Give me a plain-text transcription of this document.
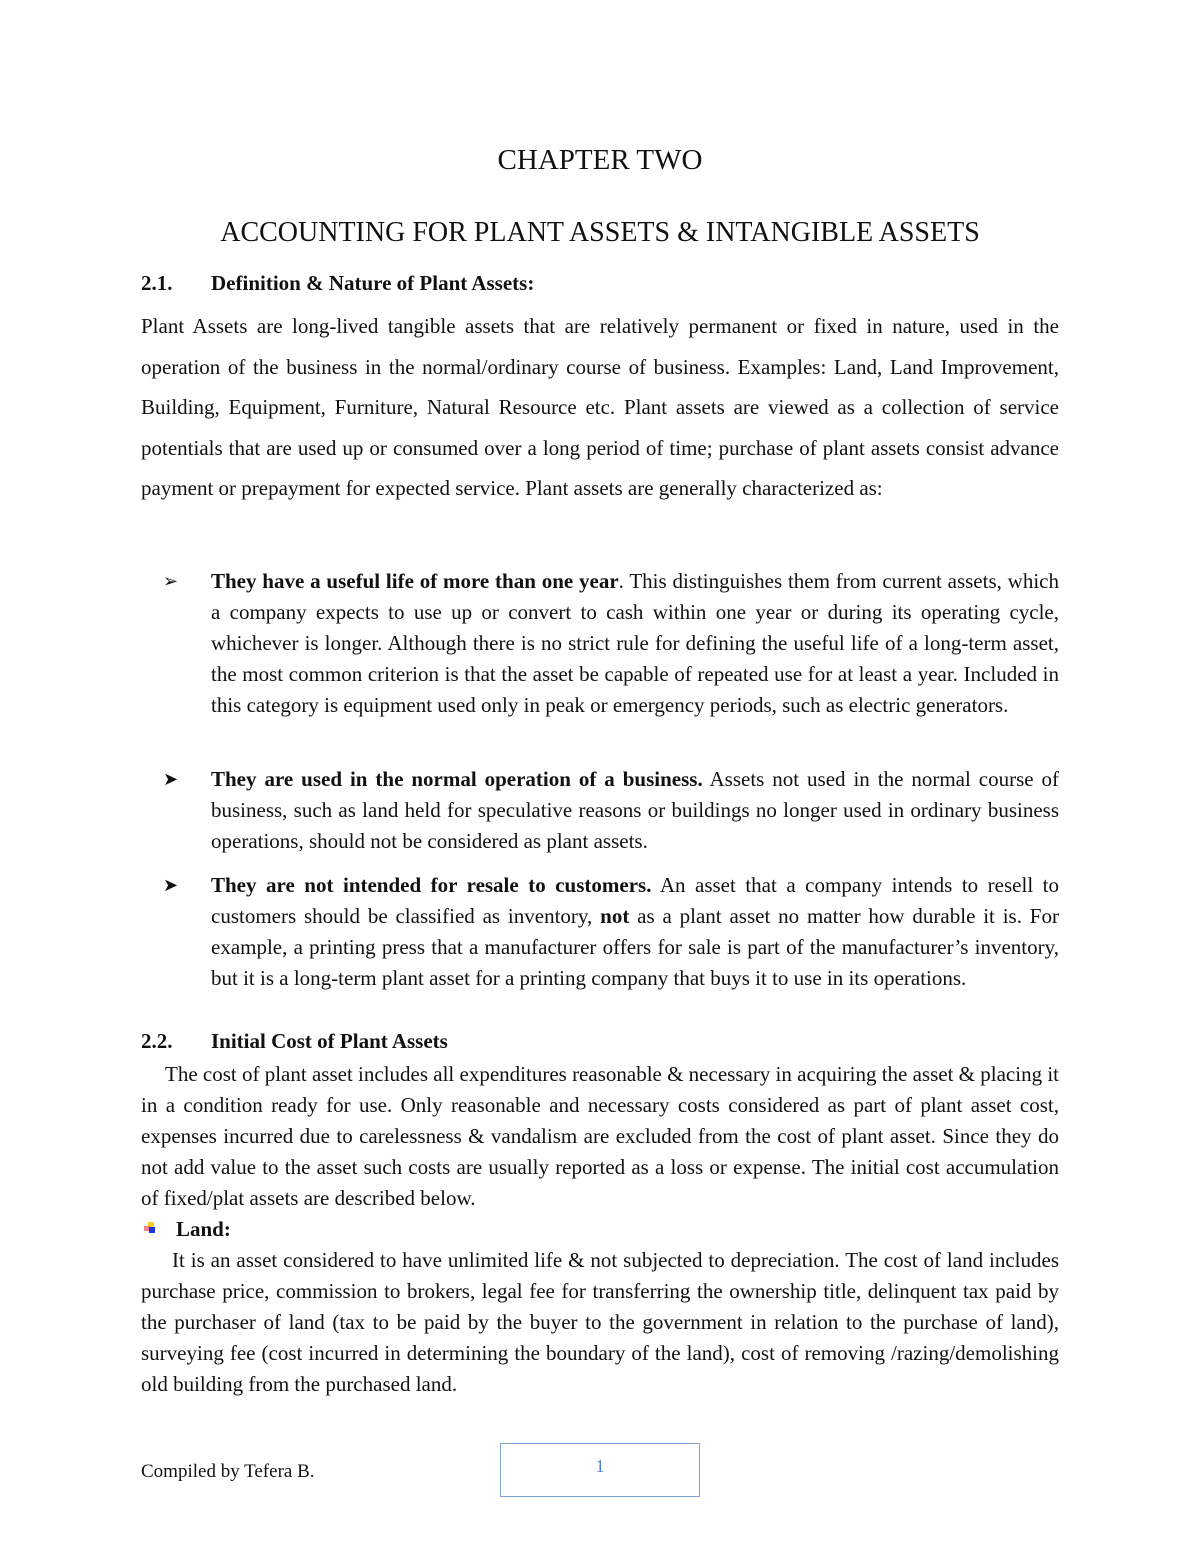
CHAPTER TWO
ACCOUNTING FOR PLANT ASSETS & INTANGIBLE ASSETS
2.1. Definition & Nature of Plant Assets:
Plant Assets are long-lived tangible assets that are relatively permanent or fixed in nature, used in the operation of the business in the normal/ordinary course of business. Examples: Land, Land Improvement, Building, Equipment, Furniture, Natural Resource etc. Plant assets are viewed as a collection of service potentials that are used up or consumed over a long period of time; purchase of plant assets consist advance payment or prepayment for expected service. Plant assets are generally characterized as:
➢ They have a useful life of more than one year. This distinguishes them from current assets, which a company expects to use up or convert to cash within one year or during its operating cycle, whichever is longer. Although there is no strict rule for defining the useful life of a long-term asset, the most common criterion is that the asset be capable of repeated use for at least a year. Included in this category is equipment used only in peak or emergency periods, such as electric generators.
➤ They are used in the normal operation of a business. Assets not used in the normal course of business, such as land held for speculative reasons or buildings no longer used in ordinary business operations, should not be considered as plant assets.
➤ They are not intended for resale to customers. An asset that a company intends to resell to customers should be classified as inventory, not as a plant asset no matter how durable it is. For example, a printing press that a manufacturer offers for sale is part of the manufacturer’s inventory, but it is a long-term plant asset for a printing company that buys it to use in its operations.
2.2. Initial Cost of Plant Assets
The cost of plant asset includes all expenditures reasonable & necessary in acquiring the asset & placing it in a condition ready for use. Only reasonable and necessary costs considered as part of plant asset cost, expenses incurred due to carelessness & vandalism are excluded from the cost of plant asset. Since they do not add value to the asset such costs are usually reported as a loss or expense. The initial cost accumulation of fixed/plat assets are described below.
Land:
It is an asset considered to have unlimited life & not subjected to depreciation. The cost of land includes purchase price, commission to brokers, legal fee for transferring the ownership title, delinquent tax paid by the purchaser of land (tax to be paid by the buyer to the government in relation to the purchase of land), surveying fee (cost incurred in determining the boundary of the land), cost of removing /razing/demolishing old building from the purchased land.
Compiled by Tefera B.	1
